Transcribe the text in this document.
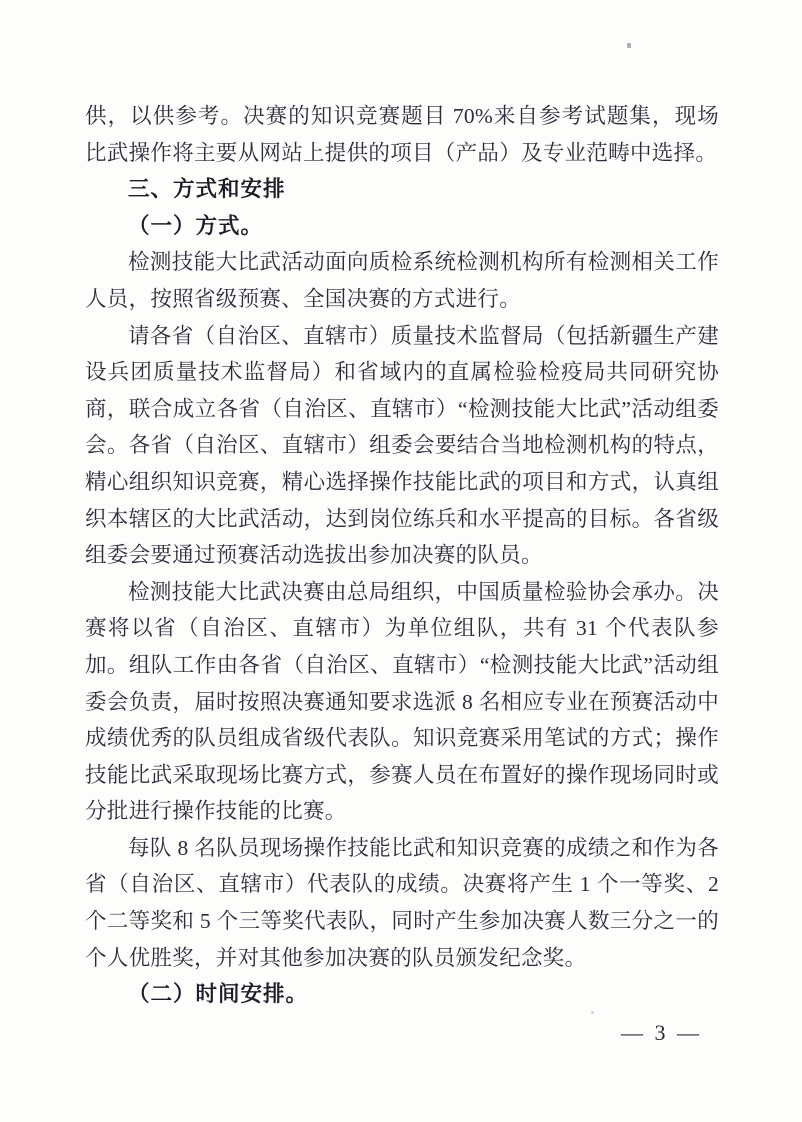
供，以供参考。决赛的知识竞赛题目 70%来自参考试题集，现场比武操作将主要从网站上提供的项目（产品）及专业范畴中选择。

三、方式和安排

（一）方式。

检测技能大比武活动面向质检系统检测机构所有检测相关工作人员，按照省级预赛、全国决赛的方式进行。

请各省（自治区、直辖市）质量技术监督局（包括新疆生产建设兵团质量技术监督局）和省域内的直属检验检疫局共同研究协商，联合成立各省（自治区、直辖市）“检测技能大比武”活动组委会。各省（自治区、直辖市）组委会要结合当地检测机构的特点，精心组织知识竞赛，精心选择操作技能比武的项目和方式，认真组织本辖区的大比武活动，达到岗位练兵和水平提高的目标。各省级组委会要通过预赛活动选拔出参加决赛的队员。

检测技能大比武决赛由总局组织，中国质量检验协会承办。决赛将以省（自治区、直辖市）为单位组队，共有 31 个代表队参加。组队工作由各省（自治区、直辖市）“检测技能大比武”活动组委会负责，届时按照决赛通知要求选派 8 名相应专业在预赛活动中成绩优秀的队员组成省级代表队。知识竞赛采用笔试的方式；操作技能比武采取现场比赛方式，参赛人员在布置好的操作现场同时或分批进行操作技能的比赛。

每队 8 名队员现场操作技能比武和知识竞赛的成绩之和作为各省（自治区、直辖市）代表队的成绩。决赛将产生 1 个一等奖、2 个二等奖和 5 个三等奖代表队，同时产生参加决赛人数三分之一的个人优胜奖，并对其他参加决赛的队员颁发纪念奖。

（二）时间安排。

— 3 —
